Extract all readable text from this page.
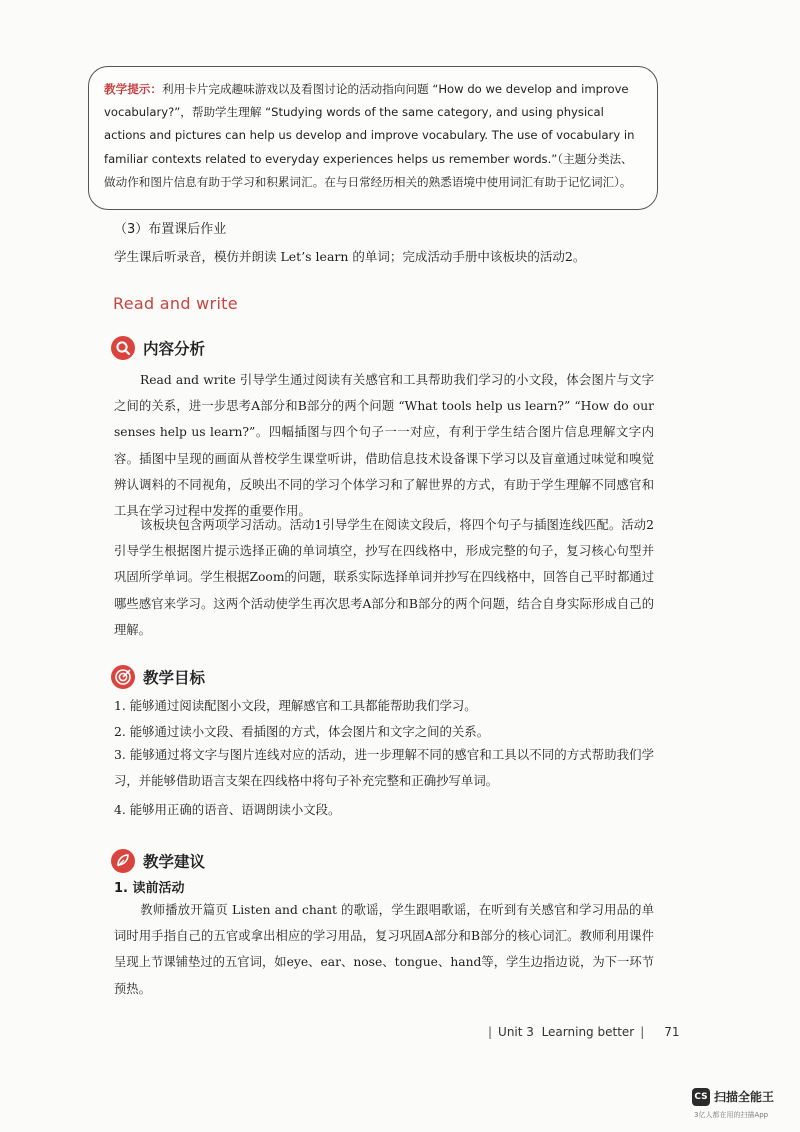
教学提示：利用卡片完成趣味游戏以及看图讨论的活动指向问题 “How do we develop and improve vocabulary?”，帮助学生理解 “Studying words of the same category, and using physical actions and pictures can help us develop and improve vocabulary. The use of vocabulary in familiar contexts related to everyday experiences helps us remember words.”（主题分类法、做动作和图片信息有助于学习和积累词汇。在与日常经历相关的熟悉语境中使用词汇有助于记忆词汇）。

（3）布置课后作业

学生课后听录音，模仿并朗读 Let’s learn 的单词；完成活动手册中该板块的活动2。

Read and write

内容分析

Read and write 引导学生通过阅读有关感官和工具帮助我们学习的小文段，体会图片与文字之间的关系，进一步思考A部分和B部分的两个问题 “What tools help us learn?” “How do our senses help us learn?”。四幅插图与四个句子一一对应，有利于学生结合图片信息理解文字内容。插图中呈现的画面从普校学生课堂听讲，借助信息技术设备课下学习以及盲童通过味觉和嗅觉辨认调料的不同视角，反映出不同的学习个体学习和了解世界的方式，有助于学生理解不同感官和工具在学习过程中发挥的重要作用。

该板块包含两项学习活动。活动1引导学生在阅读文段后，将四个句子与插图连线匹配。活动2引导学生根据图片提示选择正确的单词填空，抄写在四线格中，形成完整的句子，复习核心句型并巩固所学单词。学生根据Zoom的问题，联系实际选择单词并抄写在四线格中，回答自己平时都通过哪些感官来学习。这两个活动使学生再次思考A部分和B部分的两个问题，结合自身实际形成自己的理解。

教学目标

1. 能够通过阅读配图小文段，理解感官和工具都能帮助我们学习。

2. 能够通过读小文段、看插图的方式，体会图片和文字之间的关系。

3. 能够通过将文字与图片连线对应的活动，进一步理解不同的感官和工具以不同的方式帮助我们学习，并能够借助语言支架在四线格中将句子补充完整和正确抄写单词。

4. 能够用正确的语音、语调朗读小文段。

教学建议

1. 读前活动

教师播放开篇页 Listen and chant 的歌谣，学生跟唱歌谣，在听到有关感官和学习用品的单词时用手指自己的五官或拿出相应的学习用品，复习巩固A部分和B部分的核心词汇。教师利用课件呈现上节课铺垫过的五官词，如eye、ear、nose、tongue、hand等，学生边指边说，为下一环节预热。

| Unit 3 Learning better | 71

CS 扫描全能王

3亿人都在用的扫描App
